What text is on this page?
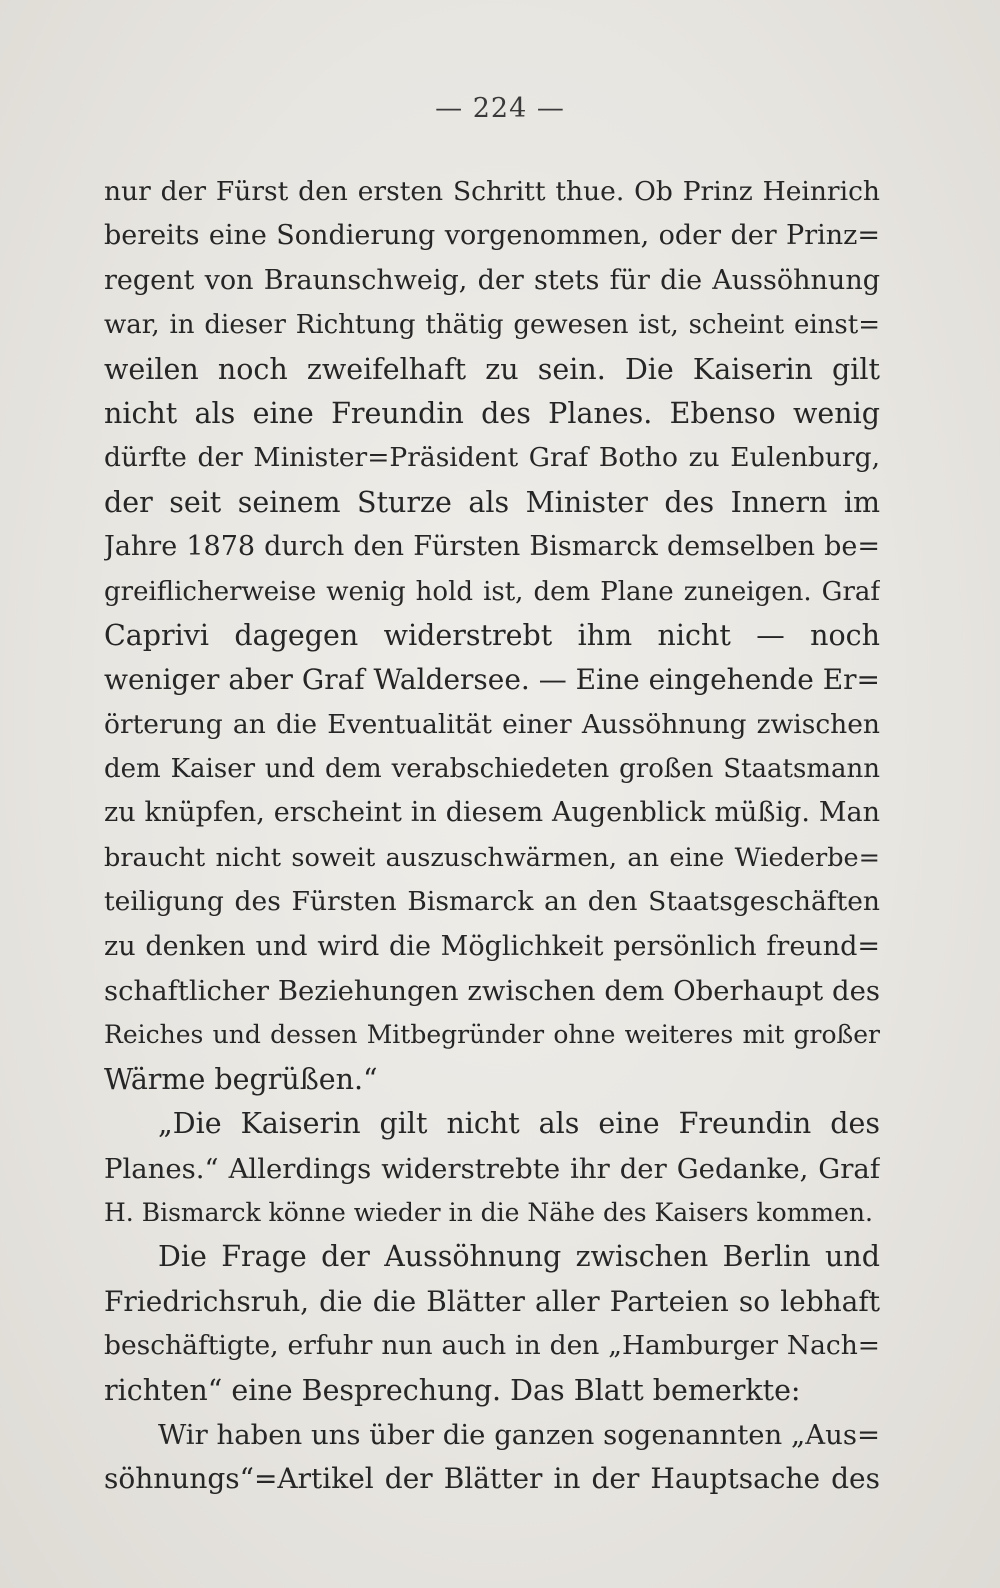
— 224 —
nur der Fürst den ersten Schritt thue. Ob Prinz Heinrich
bereits eine Sondierung vorgenommen, oder der Prinz=
regent von Braunschweig, der stets für die Aussöhnung
war, in dieser Richtung thätig gewesen ist, scheint einst=
weilen noch zweifelhaft zu sein. Die Kaiserin gilt
nicht als eine Freundin des Planes. Ebenso wenig
dürfte der Minister=Präsident Graf Botho zu Eulenburg,
der seit seinem Sturze als Minister des Innern im
Jahre 1878 durch den Fürsten Bismarck demselben be=
greiflicherweise wenig hold ist, dem Plane zuneigen. Graf
Caprivi dagegen widerstrebt ihm nicht — noch
weniger aber Graf Waldersee. — Eine eingehende Er=
örterung an die Eventualität einer Aussöhnung zwischen
dem Kaiser und dem verabschiedeten großen Staatsmann
zu knüpfen, erscheint in diesem Augenblick müßig. Man
braucht nicht soweit auszuschwärmen, an eine Wiederbe=
teiligung des Fürsten Bismarck an den Staatsgeschäften
zu denken und wird die Möglichkeit persönlich freund=
schaftlicher Beziehungen zwischen dem Oberhaupt des
Reiches und dessen Mitbegründer ohne weiteres mit großer
Wärme begrüßen.“
„Die Kaiserin gilt nicht als eine Freundin des
Planes.“ Allerdings widerstrebte ihr der Gedanke, Graf
H. Bismarck könne wieder in die Nähe des Kaisers kommen.
Die Frage der Aussöhnung zwischen Berlin und
Friedrichsruh, die die Blätter aller Parteien so lebhaft
beschäftigte, erfuhr nun auch in den „Hamburger Nach=
richten“ eine Besprechung. Das Blatt bemerkte:
Wir haben uns über die ganzen sogenannten „Aus=
söhnungs“=Artikel der Blätter in der Hauptsache des
